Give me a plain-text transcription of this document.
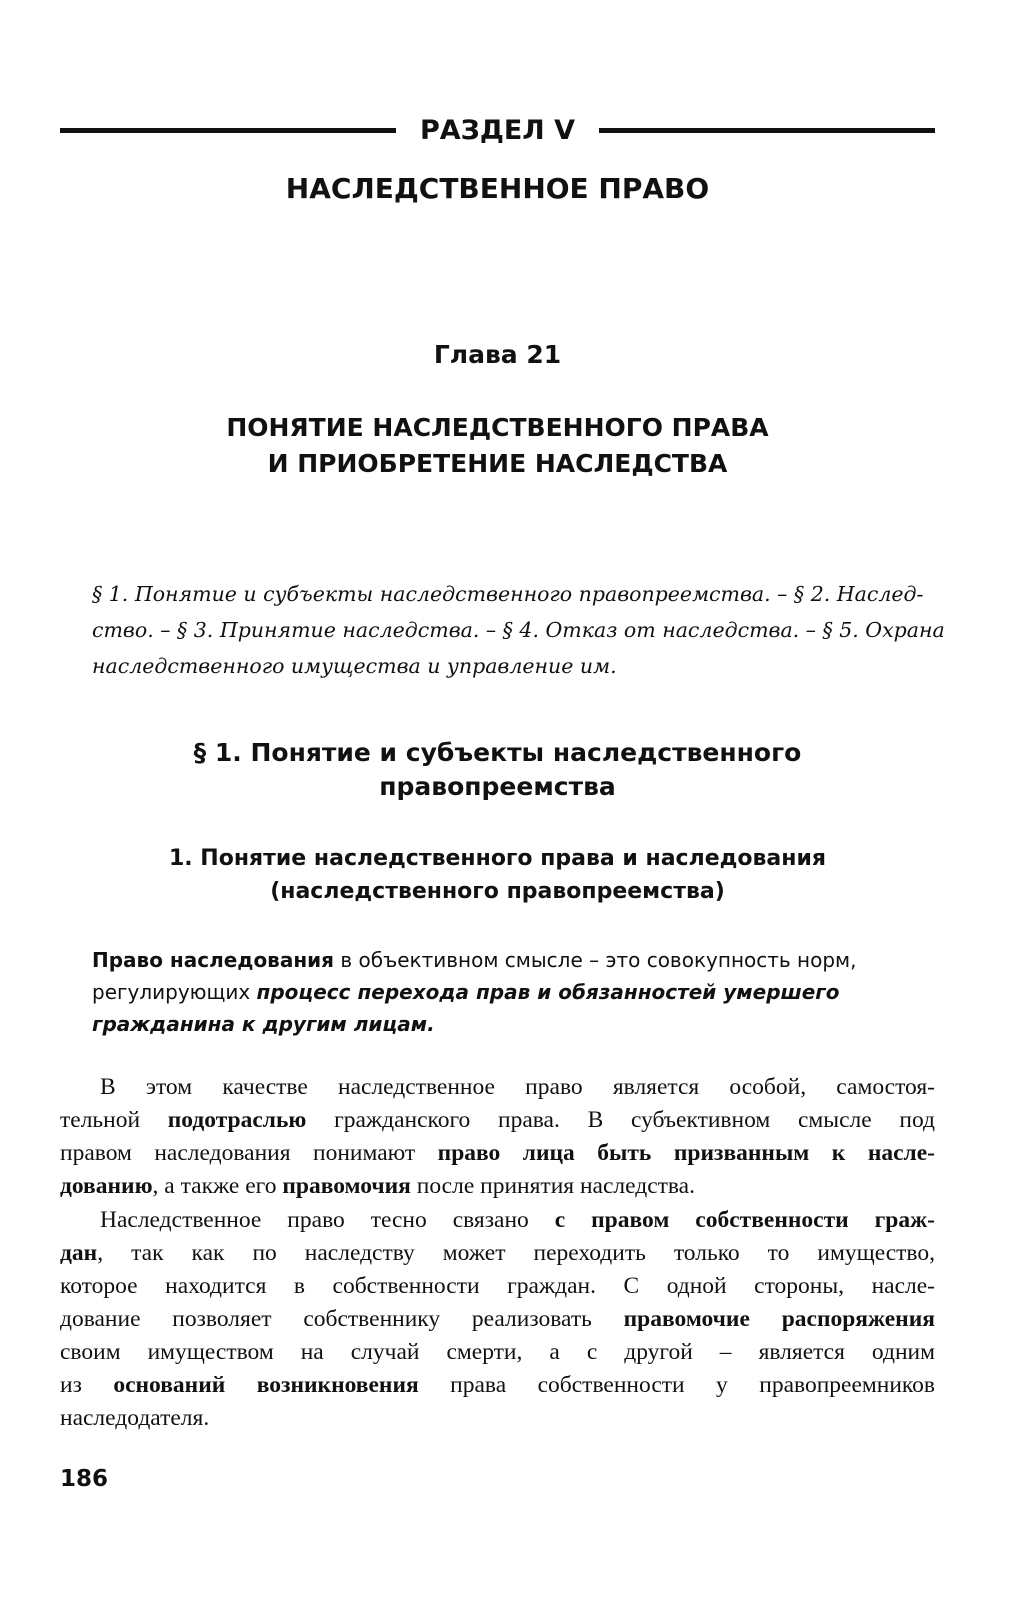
РАЗДЕЛ V
НАСЛЕДСТВЕННОЕ ПРАВО
Глава 21
ПОНЯТИЕ НАСЛЕДСТВЕННОГО ПРАВА
И ПРИОБРЕТЕНИЕ НАСЛЕДСТВА
§ 1. Понятие и субъекты наследственного правопреемства. – § 2. Наслед-
ство. – § 3. Принятие наследства. – § 4. Отказ от наследства. – § 5. Охрана
наследственного имущества и управление им.
§ 1. Понятие и субъекты наследственного
правопреемства
1. Понятие наследственного права и наследования
(наследственного правопреемства)
Право наследования в объективном смысле – это совокупность норм,
регулирующих процесс перехода прав и обязанностей умершего
гражданина к другим лицам.
В этом качестве наследственное право является особой, самостоя-
тельной подотраслью гражданского права. В субъективном смысле под
правом наследования понимают право лица быть призванным к насле-
дованию, а также его правомочия после принятия наследства.
Наследственное право тесно связано с правом собственности граж-
дан, так как по наследству может переходить только то имущество,
которое находится в собственности граждан. С одной стороны, насле-
дование позволяет собственнику реализовать правомочие распоряжения
своим имуществом на случай смерти, а с другой – является одним
из оснований возникновения права собственности у правопреемников
наследодателя.
186
